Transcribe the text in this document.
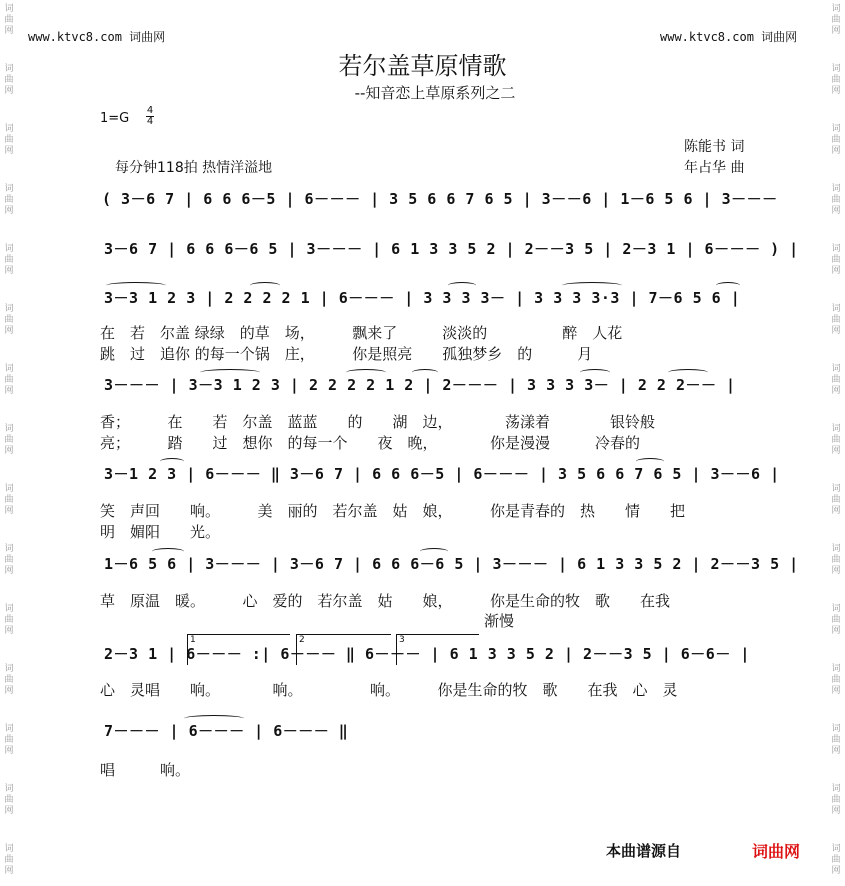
词曲网
词曲网
词曲网
词曲网
词曲网
词曲网
词曲网
词曲网
词曲网
词曲网
词曲网
词曲网
词曲网
词曲网
词曲网
词曲网
词曲网
词曲网
词曲网
词曲网
词曲网
词曲网
词曲网
词曲网
词曲网
词曲网
词曲网
词曲网
词曲网
词曲网
www.ktvc8.com 词曲网	www.ktvc8.com 词曲网
若尔盖草原情歌
--知音恋上草原系列之二
1=G
4
4
陈能书 词
年占华 曲
每分钟118拍 热情洋溢地
( 3－6 7 | 6 6 6－5 | 6－－－ | 3 5 6 6 7 6 5 | 3－－6 | 1－6 5 6 | 3－－－
3－6 7 | 6 6 6－6 5 | 3－－－ | 6 1 3 3 5 2 | 2－－3 5 | 2－3 1 | 6－－－ ) |
3－3 1 2 3 | 2 2 2 2 1 | 6－－－ | 3 3 3 3－ | 3 3 3 3·3 | 7－6 5 6 |
在　若　尔盖 绿绿　的草　场，　　　飘来了　　　淡淡的　　　　　醉　人花
跳　过　追你 的每一个锅　庄，　　　你是照亮　　孤独梦乡　的　　　月
3－－－ | 3－3 1 2 3 | 2 2 2 2 1 2 | 2－－－ | 3 3 3 3－ | 2 2 2－－ |
香；　　　在　　若　尔盖　蓝蓝　　的　　湖　边，　　　　荡漾着　　　　银铃般
亮；　　　踏　　过　想你　的每一个　　夜　晚，　　　　你是漫漫　　　冷春的
3－1 2 3 | 6－－－ ‖ 3－6 7 | 6 6 6－5 | 6－－－ | 3 5 6 6 7 6 5 | 3－－6 |
笑　声回　　响。　　　美　丽的　若尔盖　姑　娘，　　　你是青春的　热　　情　　把
明　媚阳　　光。
1－6 5 6 | 3－－－ | 3－6 7 | 6 6 6－6 5 | 3－－－ | 6 1 3 3 5 2 | 2－－3 5 |
草　原温　暖。　　　心　爱的　若尔盖　姑　　娘，　　　你是生命的牧　歌　　在我
渐慢
2－3 1 | 6－－－ :| 6－－－ ‖ 6－－－ | 6 1 3 3 5 2 | 2－－3 5 | 6－6－ |
心　灵唱　　响。　　　　响。　　　　　响。　　　你是生命的牧　歌　　在我　心　灵
7－－－ | 6－－－ | 6－－－ ‖
唱　　　响。
1	2	3
本曲谱源自	词曲网
